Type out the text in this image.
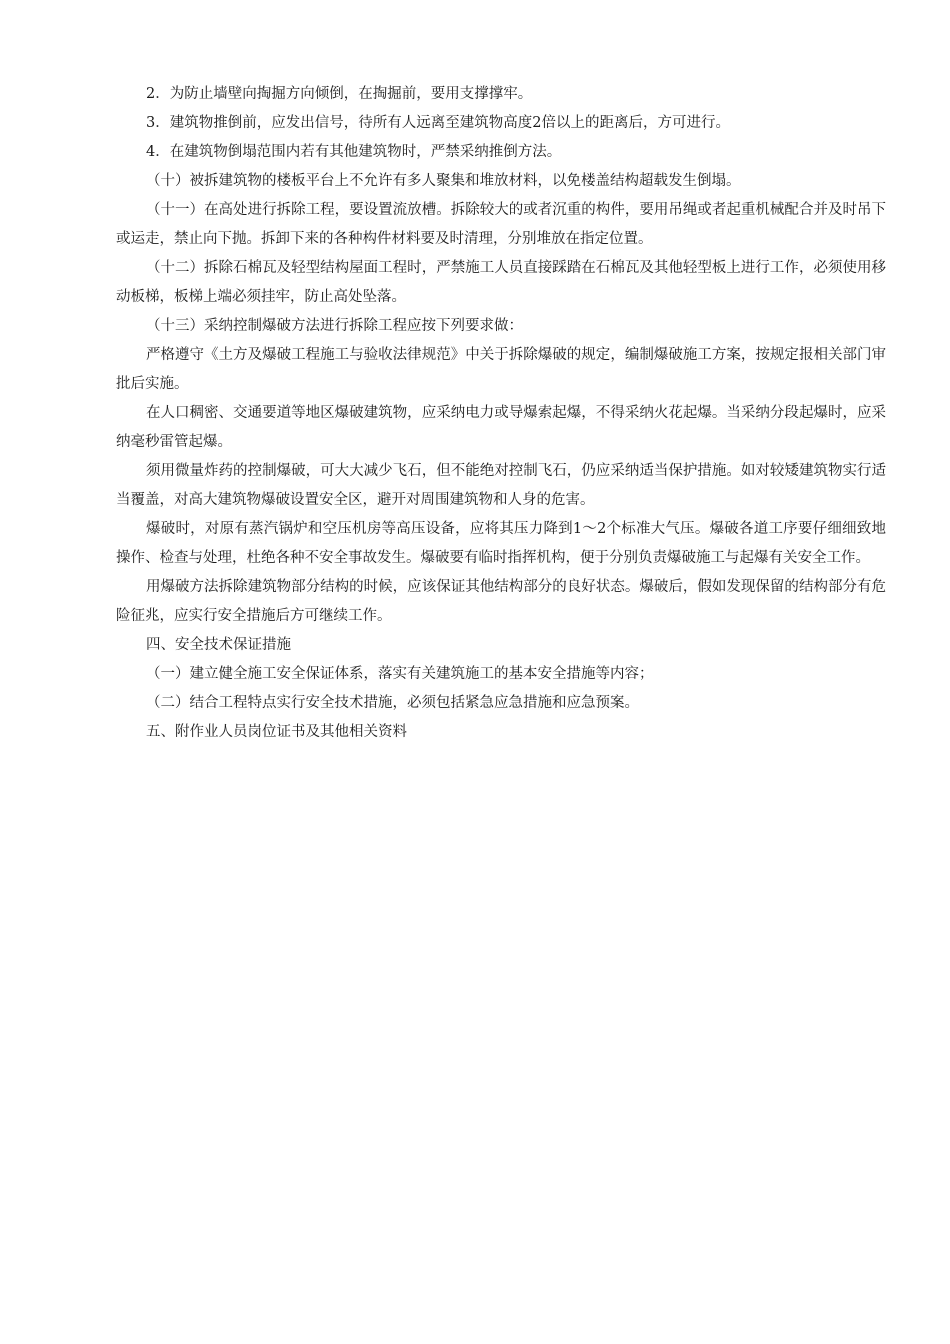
2．为防止墙壁向掏掘方向倾倒，在掏掘前，要用支撑撑牢。

3．建筑物推倒前，应发出信号，待所有人远离至建筑物高度2倍以上的距离后，方可进行。

4．在建筑物倒塌范围内若有其他建筑物时，严禁采纳推倒方法。

（十）被拆建筑物的楼板平台上不允许有多人聚集和堆放材料，以免楼盖结构超载发生倒塌。

（十一）在高处进行拆除工程，要设置流放槽。拆除较大的或者沉重的构件，要用吊绳或者起重机械配合并及时吊下或运走，禁止向下抛。拆卸下来的各种构件材料要及时清理，分别堆放在指定位置。

（十二）拆除石棉瓦及轻型结构屋面工程时，严禁施工人员直接踩踏在石棉瓦及其他轻型板上进行工作，必须使用移动板梯，板梯上端必须挂牢，防止高处坠落。

（十三）采纳控制爆破方法进行拆除工程应按下列要求做：

严格遵守《土方及爆破工程施工与验收法律规范》中关于拆除爆破的规定，编制爆破施工方案，按规定报相关部门审批后实施。

在人口稠密、交通要道等地区爆破建筑物，应采纳电力或导爆索起爆，不得采纳火花起爆。当采纳分段起爆时，应采纳毫秒雷管起爆。

须用微量炸药的控制爆破，可大大减少飞石，但不能绝对控制飞石，仍应采纳适当保护措施。如对较矮建筑物实行适当覆盖，对高大建筑物爆破设置安全区，避开对周围建筑物和人身的危害。

爆破时，对原有蒸汽锅炉和空压机房等高压设备，应将其压力降到1～2个标准大气压。爆破各道工序要仔细细致地操作、检查与处理，杜绝各种不安全事故发生。爆破要有临时指挥机构，便于分别负责爆破施工与起爆有关安全工作。

用爆破方法拆除建筑物部分结构的时候，应该保证其他结构部分的良好状态。爆破后，假如发现保留的结构部分有危险征兆，应实行安全措施后方可继续工作。

四、安全技术保证措施

（一）建立健全施工安全保证体系，落实有关建筑施工的基本安全措施等内容；

（二）结合工程特点实行安全技术措施，必须包括紧急应急措施和应急预案。

五、附作业人员岗位证书及其他相关资料
